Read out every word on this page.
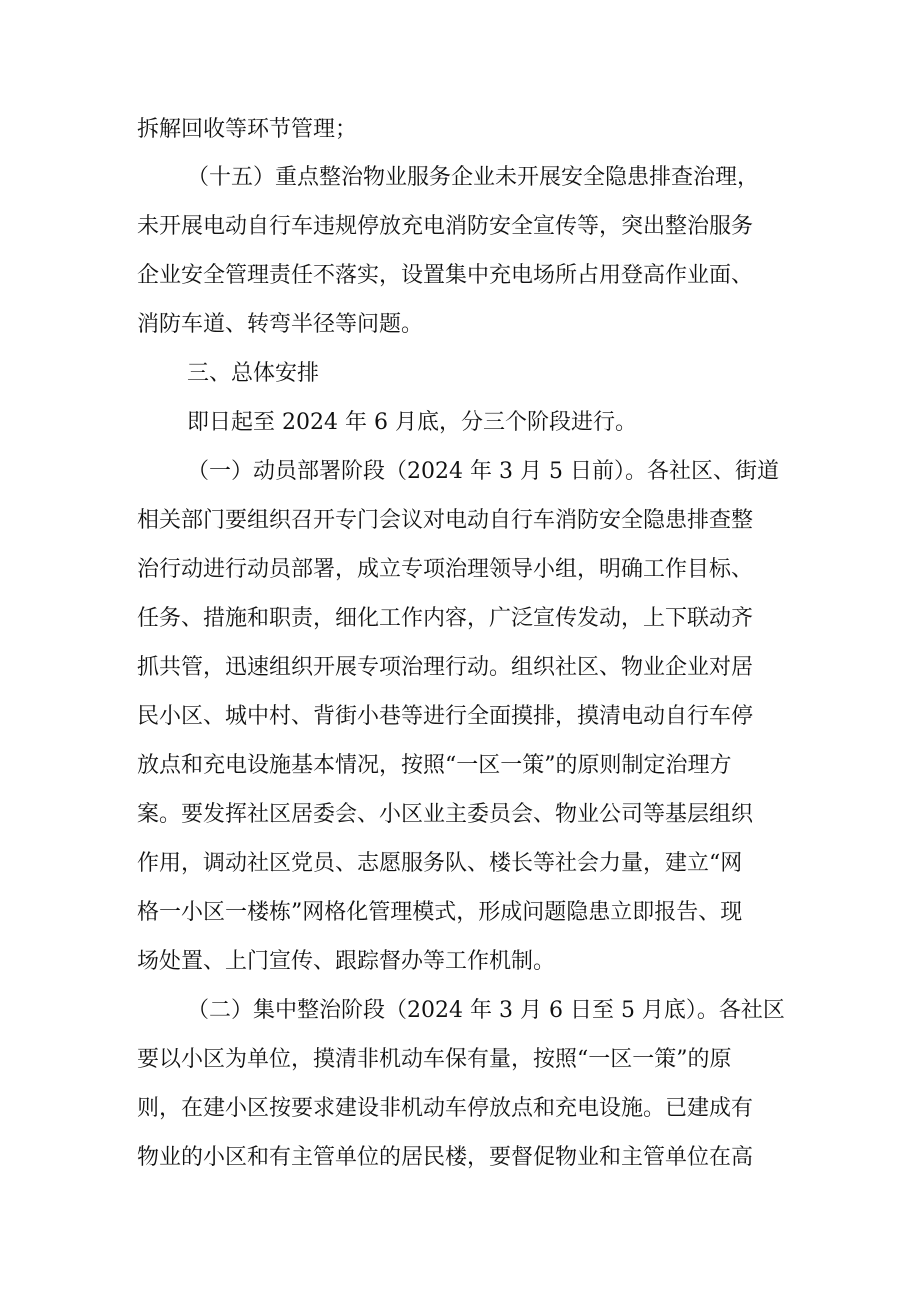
拆解回收等环节管理；
（十五）重点整治物业服务企业未开展安全隐患排查治理，
未开展电动自行车违规停放充电消防安全宣传等，突出整治服务
企业安全管理责任不落实，设置集中充电场所占用登高作业面、
消防车道、转弯半径等问题。
三、总体安排
即日起至 2024 年 6 月底，分三个阶段进行。
（一）动员部署阶段（2024 年 3 月 5 日前）。各社区、街道
相关部门要组织召开专门会议对电动自行车消防安全隐患排查整
治行动进行动员部署，成立专项治理领导小组，明确工作目标、
任务、措施和职责，细化工作内容，广泛宣传发动，上下联动齐
抓共管，迅速组织开展专项治理行动。组织社区、物业企业对居
民小区、城中村、背街小巷等进行全面摸排，摸清电动自行车停
放点和充电设施基本情况，按照“一区一策”的原则制定治理方
案。要发挥社区居委会、小区业主委员会、物业公司等基层组织
作用，调动社区党员、志愿服务队、楼长等社会力量，建立“网
格一小区一楼栋”网格化管理模式，形成问题隐患立即报告、现
场处置、上门宣传、跟踪督办等工作机制。
（二）集中整治阶段（2024 年 3 月 6 日至 5 月底）。各社区
要以小区为单位，摸清非机动车保有量，按照“一区一策”的原
则，在建小区按要求建设非机动车停放点和充电设施。已建成有
物业的小区和有主管单位的居民楼，要督促物业和主管单位在高
